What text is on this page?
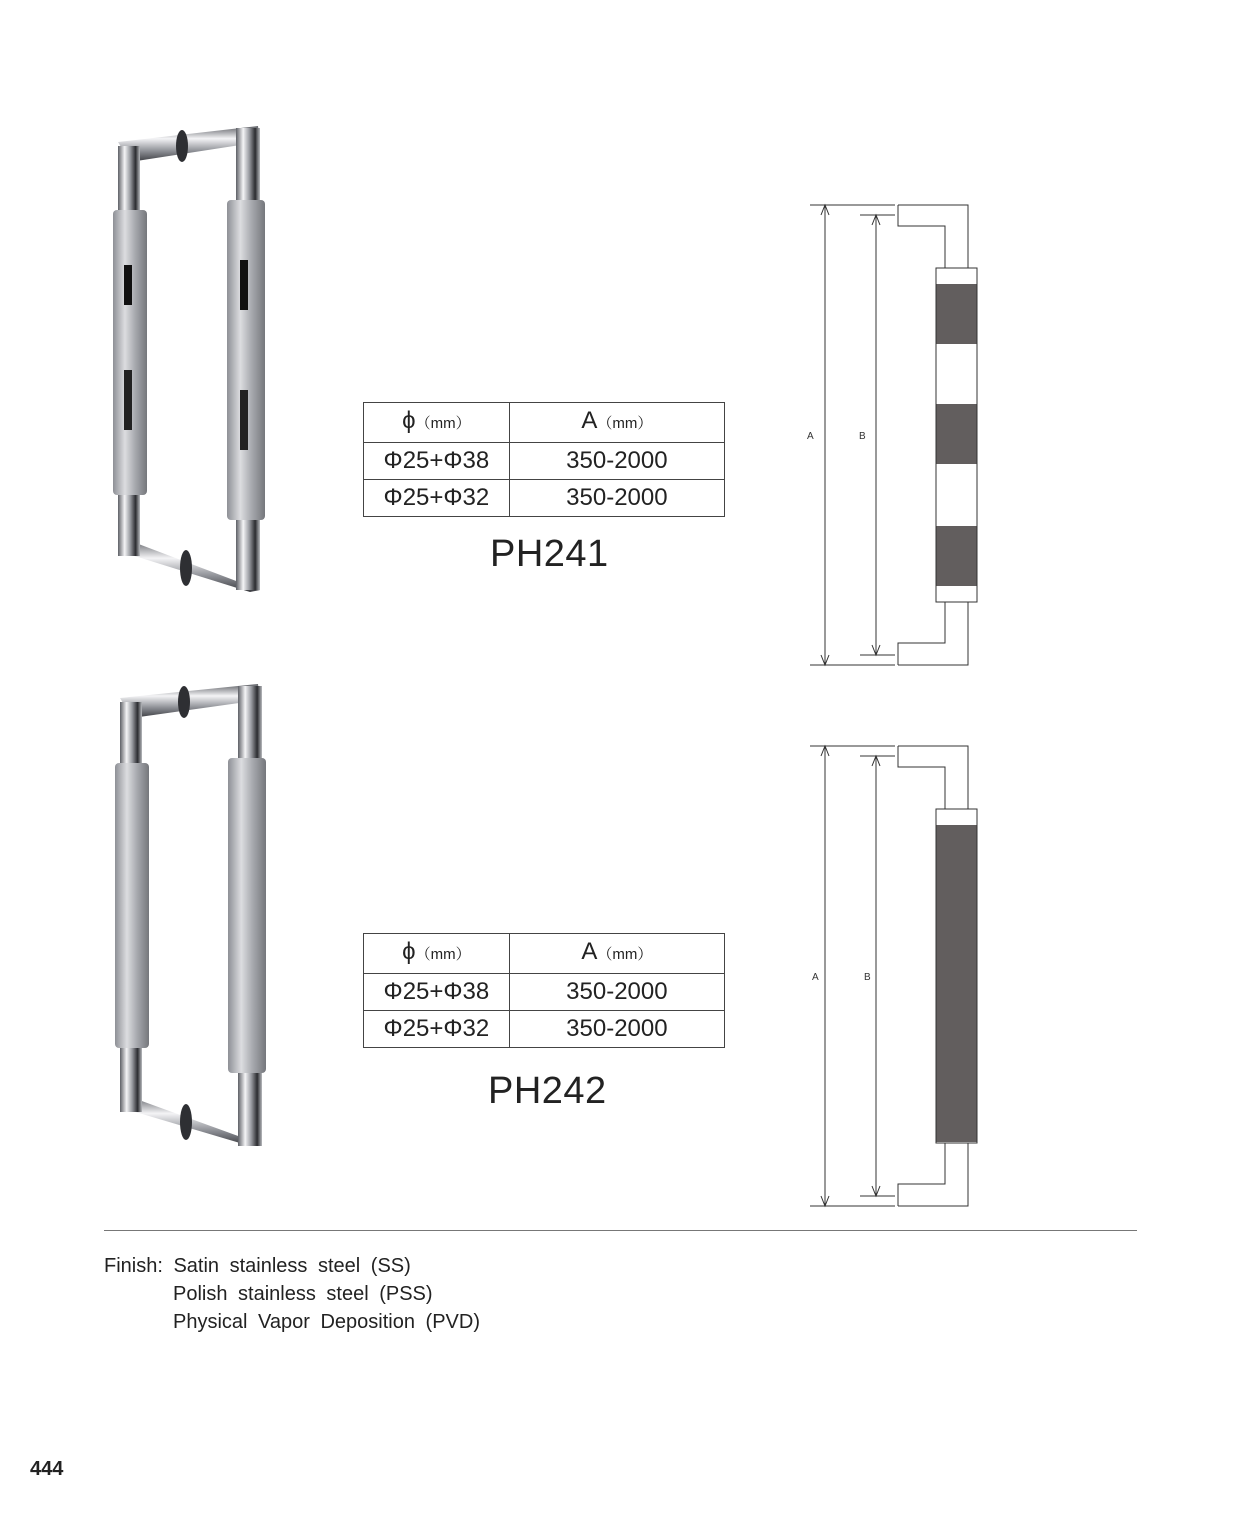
ϕ（mm）	A（mm）
Φ25+Φ38	350-2000
Φ25+Φ32	350-2000
PH241
A	B
ϕ（mm）	A（mm）
Φ25+Φ38	350-2000
Φ25+Φ32	350-2000
PH242
A	B
Finish: Satin stainless steel (SS)
Polish stainless steel (PSS)
Physical Vapor Deposition (PVD)
444
